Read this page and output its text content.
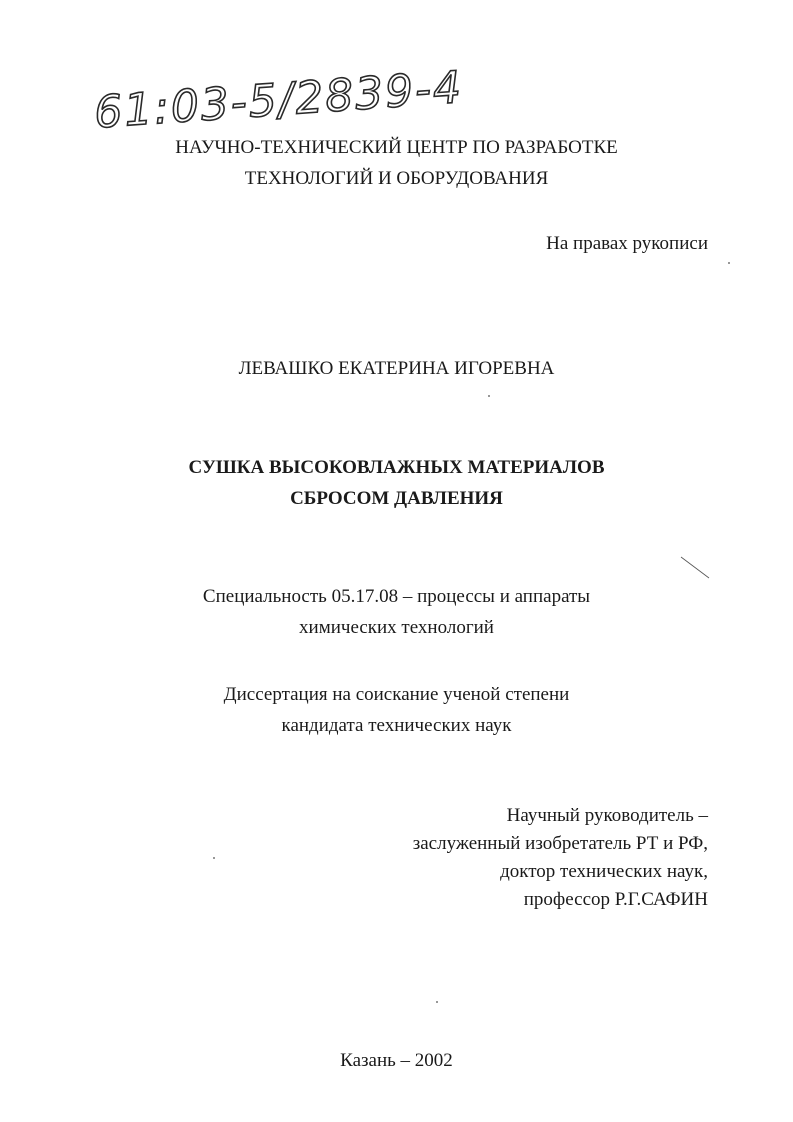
61:03-5/2839-4
НАУЧНО-ТЕХНИЧЕСКИЙ ЦЕНТР ПО РАЗРАБОТКЕ
ТЕХНОЛОГИЙ И ОБОРУДОВАНИЯ
На правах рукописи
ЛЕВАШКО ЕКАТЕРИНА ИГОРЕВНА
СУШКА ВЫСОКОВЛАЖНЫХ МАТЕРИАЛОВ
СБРОСОМ ДАВЛЕНИЯ
Специальность 05.17.08 – процессы и аппараты
химических технологий
Диссертация на соискание ученой степени
кандидата технических наук
Научный руководитель –
заслуженный изобретатель РТ и РФ,
доктор технических наук,
профессор Р.Г.САФИН
Казань – 2002
